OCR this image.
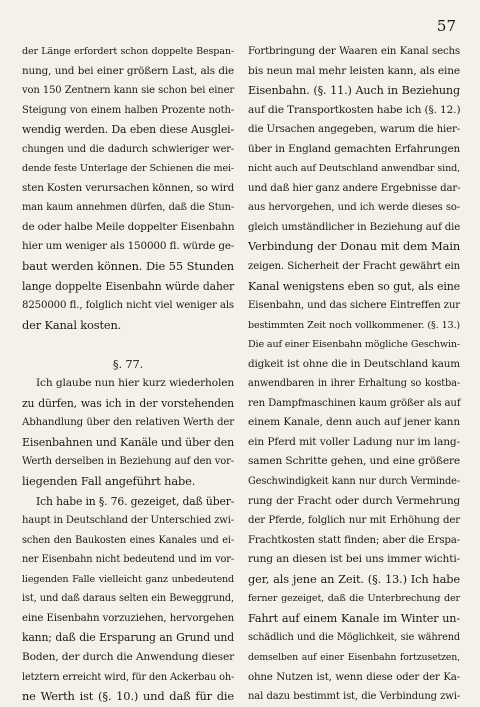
57
der Länge erfordert schon doppelte Bespan-
nung, und bei einer größern Last, als die
von 150 Zentnern kann sie schon bei einer
Steigung von einem halben Prozente noth-
wendig werden. Da eben diese Ausglei-
chungen und die dadurch schwieriger wer-
dende feste Unterlage der Schienen die mei-
sten Kosten verursachen können, so wird
man kaum annehmen dürfen, daß die Stun-
de oder halbe Meile doppelter Eisenbahn
hier um weniger als 150000 fl. würde ge-
baut werden können. Die 55 Stunden
lange doppelte Eisenbahn würde daher
8250000 fl., folglich nicht viel weniger als
der Kanal kosten.
§. 77.
Ich glaube nun hier kurz wiederholen
zu dürfen, was ich in der vorstehenden
Abhandlung über den relativen Werth der
Eisenbahnen und Kanäle und über den
Werth derselben in Beziehung auf den vor-
liegenden Fall angeführt habe.
Ich habe in §. 76. gezeiget, daß über-
haupt in Deutschland der Unterschied zwi-
schen den Baukosten eines Kanales und ei-
ner Eisenbahn nicht bedeutend und im vor-
liegenden Falle vielleicht ganz unbedeutend
ist, und daß daraus selten ein Beweggrund,
eine Eisenbahn vorzuziehen, hervorgehen
kann; daß die Ersparung an Grund und
Boden, der durch die Anwendung dieser
letztern erreicht wird, für den Ackerbau oh-
ne Werth ist (§. 10.) und daß für die
Fortbringung der Waaren ein Kanal sechs
bis neun mal mehr leisten kann, als eine
Eisenbahn. (§. 11.) Auch in Beziehung
auf die Transportkosten habe ich (§. 12.)
die Ursachen angegeben, warum die hier-
über in England gemachten Erfahrungen
nicht auch auf Deutschland anwendbar sind,
und daß hier ganz andere Ergebnisse dar-
aus hervorgehen, und ich werde dieses so-
gleich umständlicher in Beziehung auf die
Verbindung der Donau mit dem Main
zeigen. Sicherheit der Fracht gewährt ein
Kanal wenigstens eben so gut, als eine
Eisenbahn, und das sichere Eintreffen zur
bestimmten Zeit noch vollkommener. (§. 13.)
Die auf einer Eisenbahn mögliche Geschwin-
digkeit ist ohne die in Deutschland kaum
anwendbaren in ihrer Erhaltung so kostba-
ren Dampfmaschinen kaum größer als auf
einem Kanale, denn auch auf jener kann
ein Pferd mit voller Ladung nur im lang-
samen Schritte gehen, und eine größere
Geschwindigkeit kann nur durch Verminde-
rung der Fracht oder durch Vermehrung
der Pferde, folglich nur mit Erhöhung der
Frachtkosten statt finden; aber die Erspa-
rung an diesen ist bei uns immer wichti-
ger, als jene an Zeit. (§. 13.) Ich habe
ferner gezeiget, daß die Unterbrechung der
Fahrt auf einem Kanale im Winter un-
schädlich und die Möglichkeit, sie während
demselben auf einer Eisenbahn fortzusetzen,
ohne Nutzen ist, wenn diese oder der Ka-
nal dazu bestimmt ist, die Verbindung zwi-
